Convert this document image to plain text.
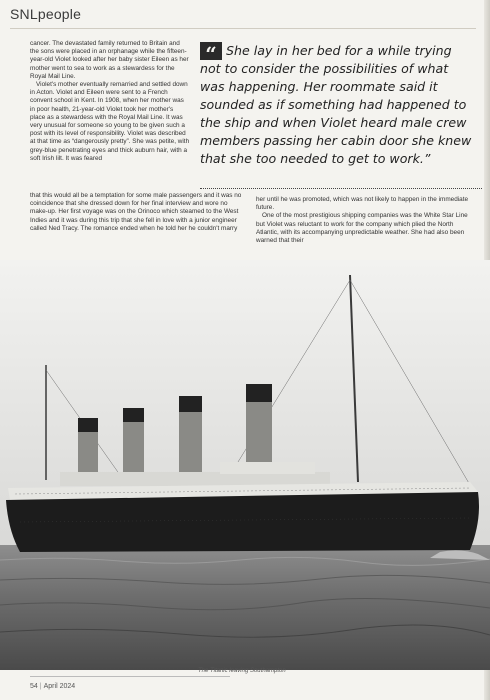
SNLpeople

cancer. The devastated family returned to Britain and the sons were placed in an orphanage while the fifteen-year-old Violet looked after her baby sister Eileen as her mother went to sea to work as a stewardess for the Royal Mail Line.

Violet's mother eventually remarried and settled down in Acton. Violet and Eileen were sent to a French convent school in Kent. In 1908, when her mother was in poor health, 21-year-old Violet took her mother's place as a stewardess with the Royal Mail Line. It was very unusual for someone so young to be given such a post with its level of responsibility. Violet was described at that time as “dangerously pretty”. She was petite, with grey-blue penetrating eyes and thick auburn hair, with a soft Irish lilt. It was feared

“ She lay in her bed for a while trying not to consider the possibilities of what was happening. Her roommate said it sounded as if something had happened to the ship and when Violet heard male crew members passing her cabin door she knew that she too needed to get to work.”

that this would all be a temptation for some male passengers and it was no coincidence that she dressed down for her final interview and wore no make-up. Her first voyage was on the Orinoco which steamed to the West Indies and it was during this trip that she fell in love with a junior engineer called Ned Tracy. The romance ended when he told her he couldn't marry

her until he was promoted, which was not likely to happen in the immediate future.

One of the most prestigious shipping companies was the White Star Line but Violet was reluctant to work for the company which plied the North Atlantic, with its accompanying unpredictable weather. She had also been warned that their

The Titanic leaving Southampton
54 | April 2024
